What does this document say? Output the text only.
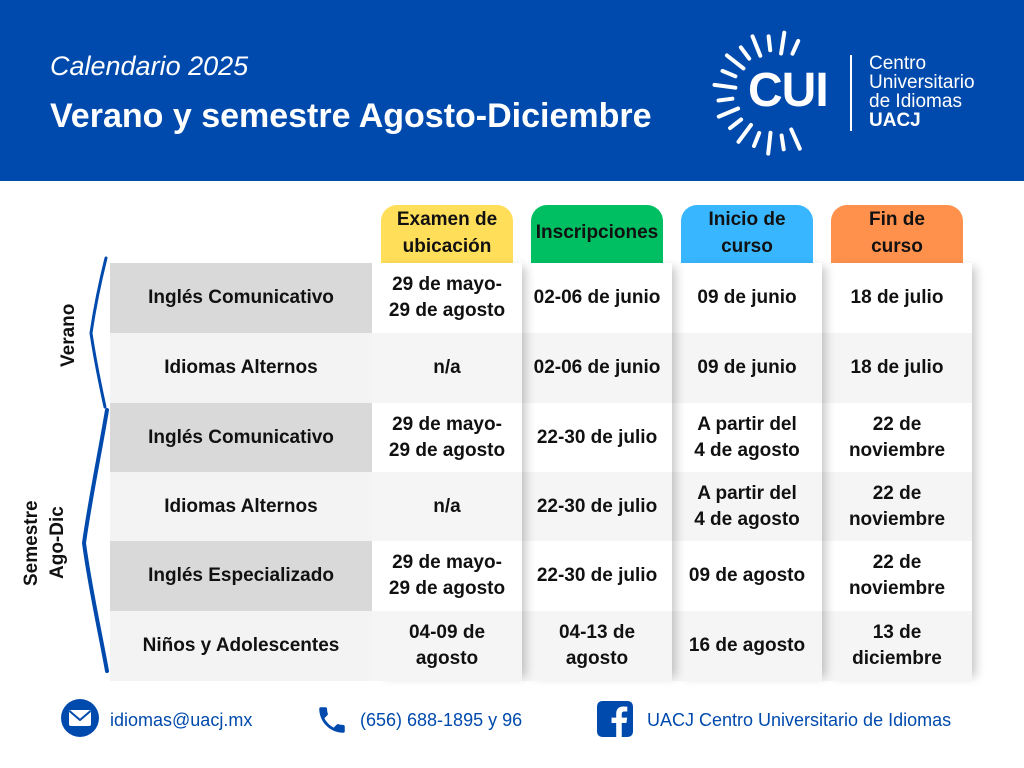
Calendario 2025
Verano y semestre Agosto-Diciembre CUI
Centro
Universitario
de Idiomas
UACJ
Examen de
ubicación
Inscripciones
Inicio de
curso
Fin de
curso
Inglés Comunicativo
Idiomas Alternos
Inglés Comunicativo
Idiomas Alternos
Inglés Especializado
Niños y Adolescentes
29 de mayo-
29 de agosto
n/a
29 de mayo-
29 de agosto
n/a
29 de mayo-
29 de agosto
04-09 de
agosto
02-06 de junio
02-06 de junio
22-30 de julio
22-30 de julio
22-30 de julio
04-13 de
agosto
09 de junio
09 de junio
A partir del
4 de agosto
A partir del
4 de agosto
09 de agosto
16 de agosto
18 de julio
18 de julio
22 de
noviembre
22 de
noviembre
22 de
noviembre
13 de
diciembre
Verano
Semestre
Ago-Dic
idiomas@uacj.mx	(656) 688-1895 y 96	UACJ Centro Universitario de Idiomas
